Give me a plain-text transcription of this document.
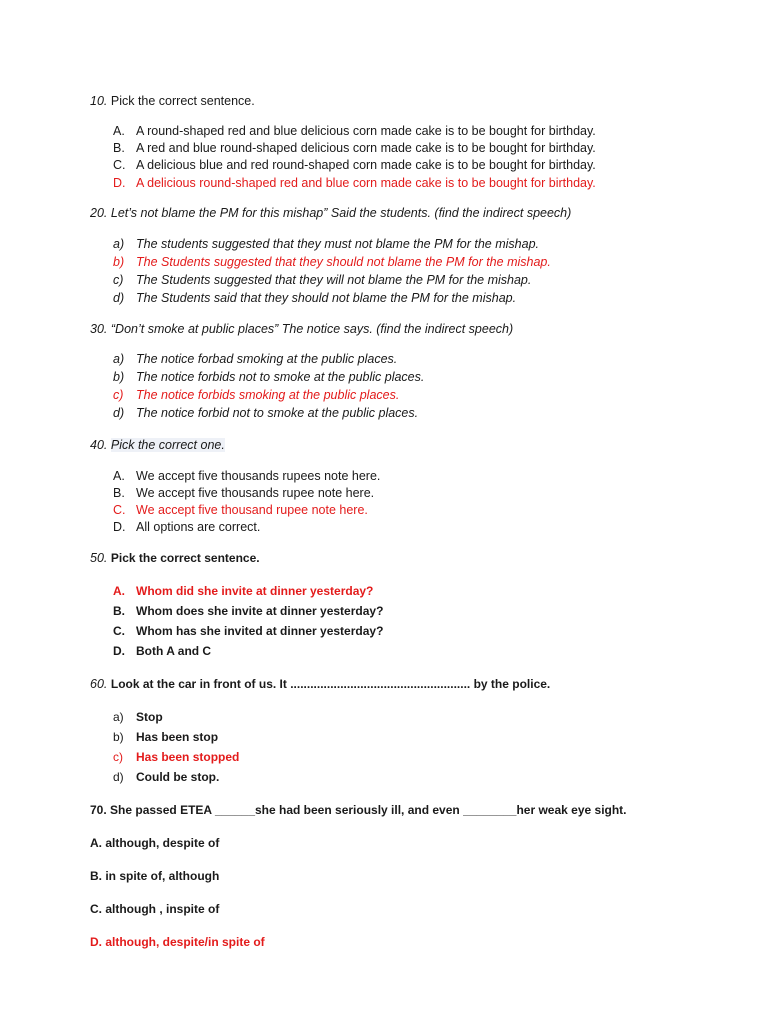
10. Pick the correct sentence.
A. A round-shaped red and blue delicious corn made cake is to be bought for birthday.
B. A red and blue round-shaped delicious corn made cake is to be bought for birthday.
C. A delicious blue and red round-shaped corn made cake is to be bought for birthday.
D. A delicious round-shaped red and blue corn made cake is to be bought for birthday.
20. Let’s not blame the PM for this mishap” Said the students. (find the indirect speech)
a) The students suggested that they must not blame the PM for the mishap.
b) The Students suggested that they should not blame the PM for the mishap.
c) The Students suggested that they will not blame the PM for the mishap.
d) The Students said that they should not blame the PM for the mishap.
30. “Don’t smoke at public places” The notice says. (find the indirect speech)
a) The notice forbad smoking at the public places.
b) The notice forbids not to smoke at the public places.
c) The notice forbids smoking at the public places.
d) The notice forbid not to smoke at the public places.
40. Pick the correct one.
A. We accept five thousands rupees note here.
B. We accept five thousands rupee note here.
C. We accept five thousand rupee note here.
D. All options are correct.
50. Pick the correct sentence.
A. Whom did she invite at dinner yesterday?
B. Whom does she invite at dinner yesterday?
C. Whom has she invited at dinner yesterday?
D. Both A and C
60. Look at the car in front of us. It ...................................................... by the police.
a) Stop
b) Has been stop
c) Has been stopped
d) Could be stop.
70. She passed ETEA ______she had been seriously ill, and even ________her weak eye sight.
A. although, despite of
B. in spite of, although
C. although , inspite of
D. although, despite/in spite of
